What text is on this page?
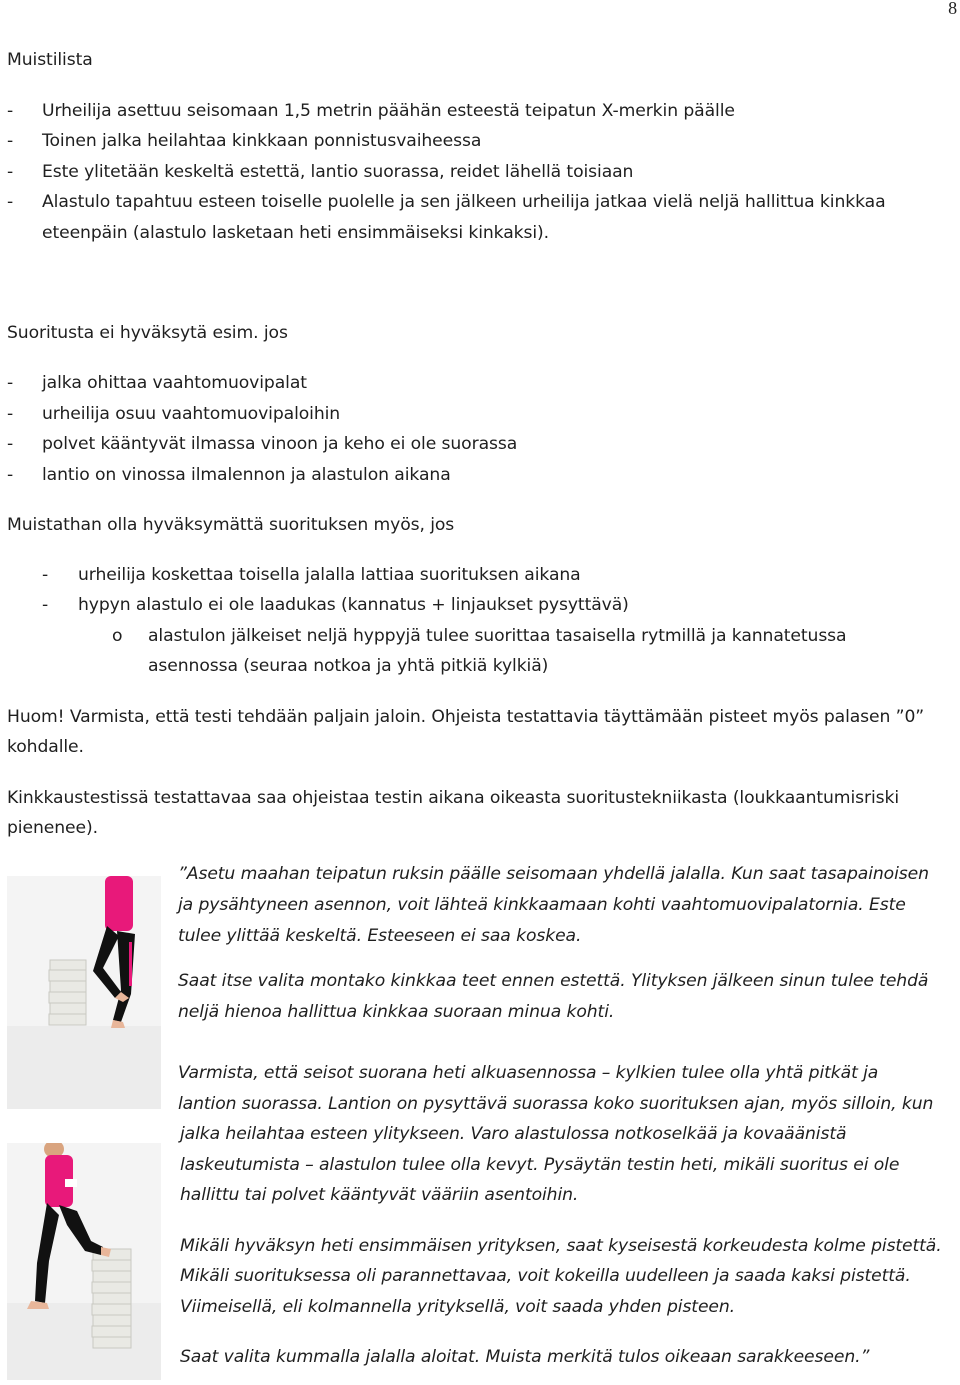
8
Muistilista
- Urheilija asettuu seisomaan 1,5 metrin päähän esteestä teipatun X-merkin päälle
- Toinen jalka heilahtaa kinkkaan ponnistusvaiheessa
- Este ylitetään keskeltä estettä, lantio suorassa, reidet lähellä toisiaan
- Alastulo tapahtuu esteen toiselle puolelle ja sen jälkeen urheilija jatkaa vielä neljä hallittua kinkkaa
eteenpäin (alastulo lasketaan heti ensimmäiseksi kinkaksi).
Suoritusta ei hyväksytä esim. jos
- jalka ohittaa vaahtomuovipalat
- urheilija osuu vaahtomuovipaloihin
- polvet kääntyvät ilmassa vinoon ja keho ei ole suorassa
- lantio on vinossa ilmalennon ja alastulon aikana
Muistathan olla hyväksymättä suorituksen myös, jos
- urheilija koskettaa toisella jalalla lattiaa suorituksen aikana
- hypyn alastulo ei ole laadukas (kannatus + linjaukset pysyttävä)
o alastulon jälkeiset neljä hyppyjä tulee suorittaa tasaisella rytmillä ja kannatetussa
asennossa (seuraa notkoa ja yhtä pitkiä kylkiä)
Huom! Varmista, että testi tehdään paljain jaloin. Ohjeista testattavia täyttämään pisteet myös palasen ”0”
kohdalle.
Kinkkaustestissä testattavaa saa ohjeistaa testin aikana oikeasta suoritustekniikasta (loukkaantumisriski
pienenee).
”Asetu maahan teipatun ruksin päälle seisomaan yhdellä jalalla. Kun saat tasapainoisen
ja pysähtyneen asennon, voit lähteä kinkkaamaan kohti vaahtomuovipalatornia. Este
tulee ylittää keskeltä. Esteeseen ei saa koskea.
Saat itse valita montako kinkkaa teet ennen estettä. Ylityksen jälkeen sinun tulee tehdä
neljä hienoa hallittua kinkkaa suoraan minua kohti.
Varmista, että seisot suorana heti alkuasennossa – kylkien tulee olla yhtä pitkät ja
lantion suorassa. Lantion on pysyttävä suorassa koko suorituksen ajan, myös silloin, kun
jalka heilahtaa esteen ylitykseen. Varo alastulossa notkoselkää ja kovaäänistä
laskeutumista – alastulon tulee olla kevyt. Pysäytän testin heti, mikäli suoritus ei ole
hallittu tai polvet kääntyvät vääriin asentoihin.
Mikäli hyväksyn heti ensimmäisen yrityksen, saat kyseisestä korkeudesta kolme pistettä.
Mikäli suorituksessa oli parannettavaa, voit kokeilla uudelleen ja saada kaksi pistettä.
Viimeisellä, eli kolmannella yrityksellä, voit saada yhden pisteen.
Saat valita kummalla jalalla aloitat. Muista merkitä tulos oikeaan sarakkeeseen.”
